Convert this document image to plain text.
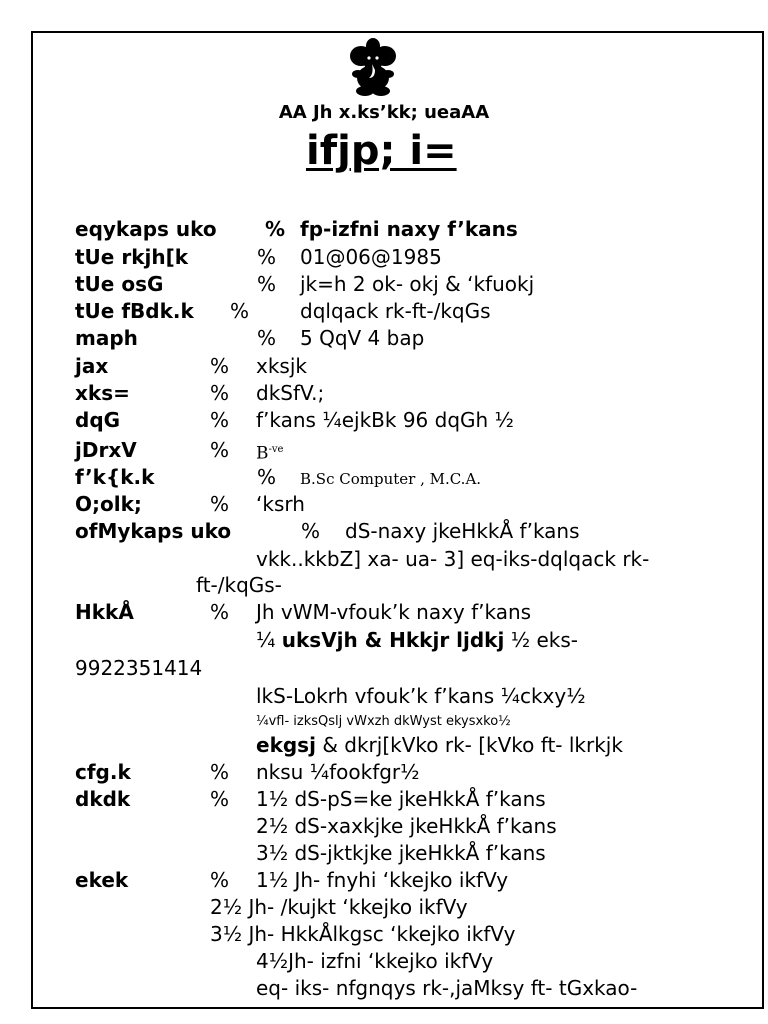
AA Jh x.ks’kk; ueaAA
ifjp; i=
eqykaps uko % fp-izfni naxy f’kans
tUe rkjh[k	% 01@06@1985
tUe osG	% jk=h 2 ok- okj & ‘kfuokj
tUe fBdk.k %	dqlqack rk-ft-/kqGs
maph	% 5 QqV 4 bap
jax	% xksjk
xks=	% dkSfV.;
dqG	% f’kans ¼ejkBk 96 dqGh ½
jDrxV	% $B^{-ve}$
f’k{k.k	% B.Sc Computer , M.C.A.
O;olk;	% ‘ksrh
ofMykaps uko	% dS-naxy jkeHkkÅ f’kans
vkk..kkbZ] xa- ua- 3] eq-iks-dqlqack rk-
ft-/kqGs-
HkkÅ	% Jh vWM-vfouk’k naxy f’kans
¼ uksVjh & Hkkjr ljdkj ½ eks-
9922351414
lkS-Lokrh vfouk’k f’kans ¼ckxy½
¼vfl- izksQslj vWxzh dkWyst ekysxko½
ekgsj & dkrj[kVko rk- [kVko ft- lkrkjk
cfg.k	% nksu ¼fookfgr½
dkdk	% 1½ dS-pS=ke jkeHkkÅ f’kans
2½ dS-xaxkjke jkeHkkÅ f’kans
3½ dS-jktkjke jkeHkkÅ f’kans
ekek	% 1½ Jh- fnyhi ‘kkejko ikfVy
2½ Jh- /kujkt ‘kkejko ikfVy
3½ Jh- HkkÅlkgsc ‘kkejko ikfVy
4½Jh- izfni ‘kkejko ikfVy
eq- iks- nfgnqys rk-,jaMksy ft- tGxkao-
